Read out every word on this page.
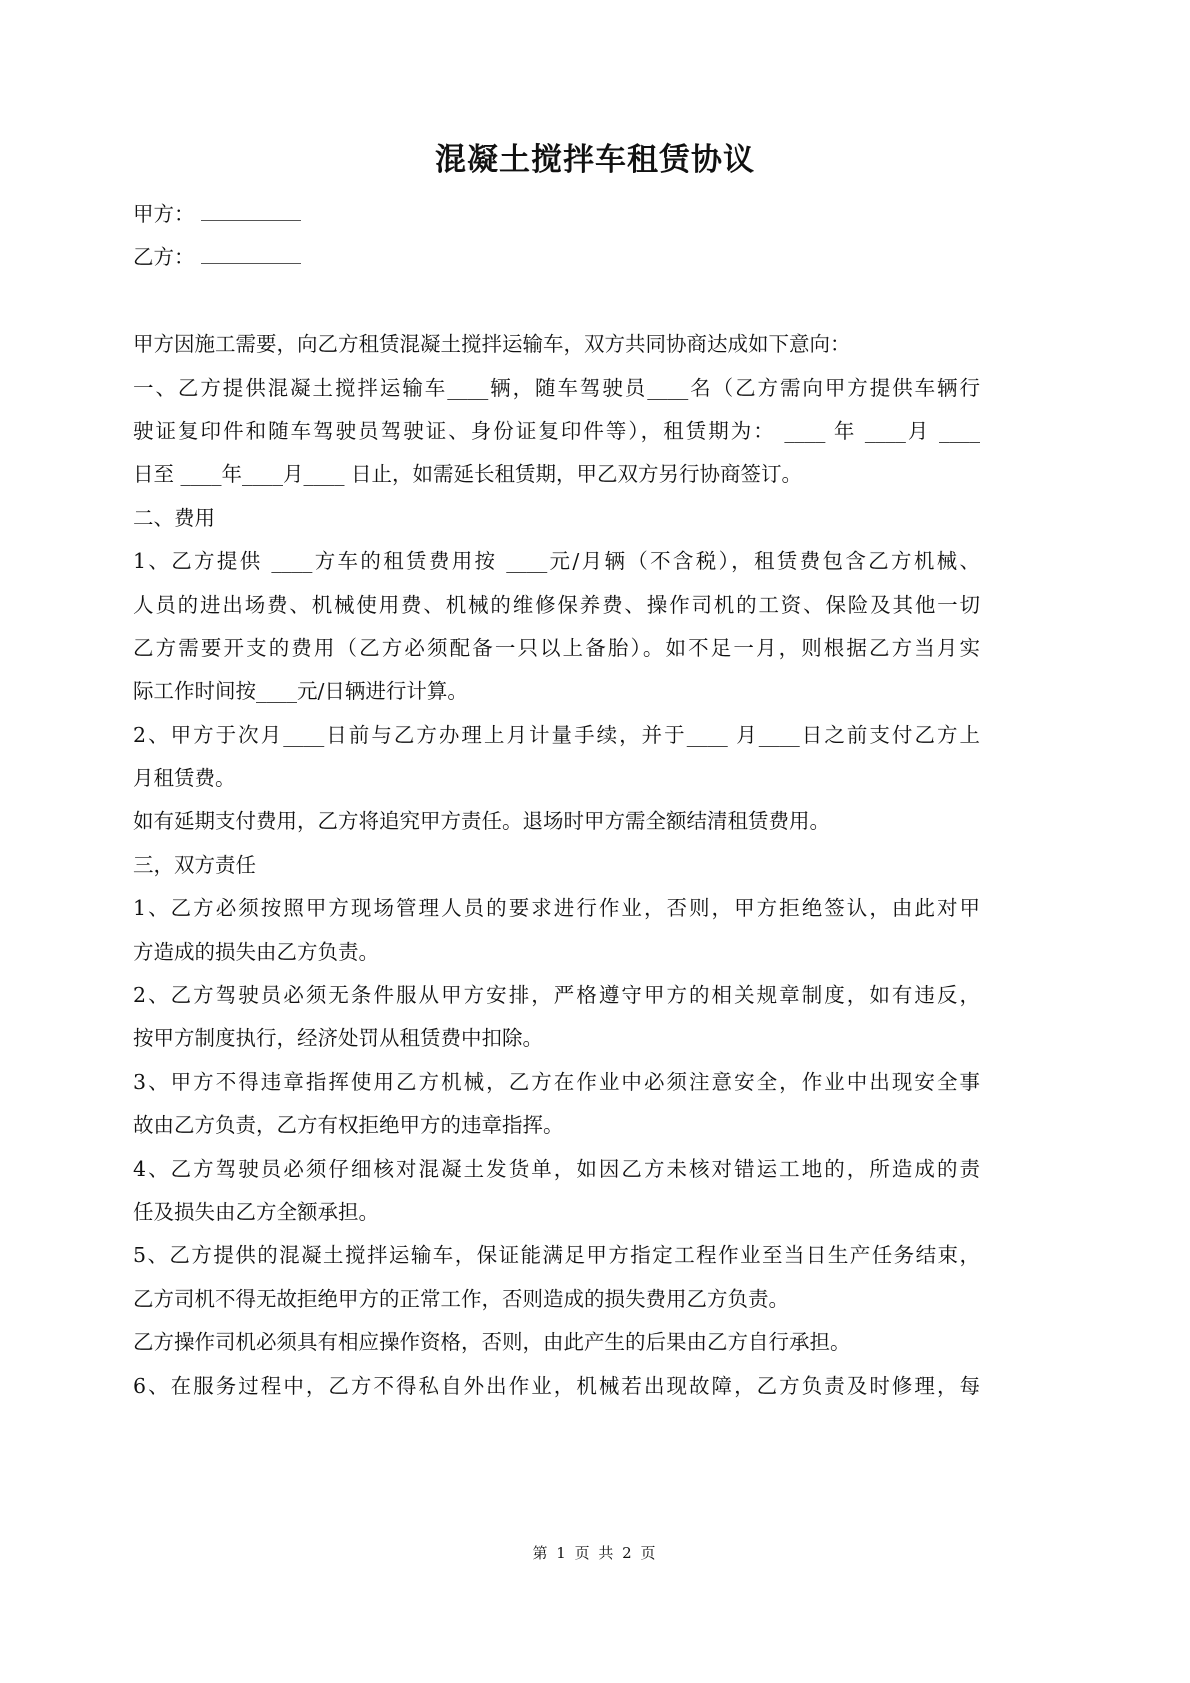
混凝土搅拌车租赁协议
甲方：
乙方：
甲方因施工需要，向乙方租赁混凝土搅拌运输车，双方共同协商达成如下意向：
一、乙方提供混凝土搅拌运输车____辆，随车驾驶员____名（乙方需向甲方提供车辆行
驶证复印件和随车驾驶员驾驶证、身份证复印件等），租赁期为： ____ 年 ____月 ____
日至 ____年____月____ 日止，如需延长租赁期，甲乙双方另行协商签订。
二、费用
1、乙方提供 ____方车的租赁费用按 ____元/月辆（不含税），租赁费包含乙方机械、
人员的进出场费、机械使用费、机械的维修保养费、操作司机的工资、保险及其他一切
乙方需要开支的费用（乙方必须配备一只以上备胎）。如不足一月，则根据乙方当月实
际工作时间按____元/日辆进行计算。
2、甲方于次月____日前与乙方办理上月计量手续，并于____ 月____日之前支付乙方上
月租赁费。
如有延期支付费用，乙方将追究甲方责任。退场时甲方需全额结清租赁费用。
三，双方责任
1、乙方必须按照甲方现场管理人员的要求进行作业，否则，甲方拒绝签认，由此对甲
方造成的损失由乙方负责。
2、乙方驾驶员必须无条件服从甲方安排，严格遵守甲方的相关规章制度，如有违反，
按甲方制度执行，经济处罚从租赁费中扣除。
3、甲方不得违章指挥使用乙方机械，乙方在作业中必须注意安全，作业中出现安全事
故由乙方负责，乙方有权拒绝甲方的违章指挥。
4、乙方驾驶员必须仔细核对混凝土发货单，如因乙方未核对错运工地的，所造成的责
任及损失由乙方全额承担。
5、乙方提供的混凝土搅拌运输车，保证能满足甲方指定工程作业至当日生产任务结束，
乙方司机不得无故拒绝甲方的正常工作，否则造成的损失费用乙方负责。
乙方操作司机必须具有相应操作资格，否则，由此产生的后果由乙方自行承担。
6、在服务过程中，乙方不得私自外出作业，机械若出现故障，乙方负责及时修理，每
第 1 页 共 2 页
